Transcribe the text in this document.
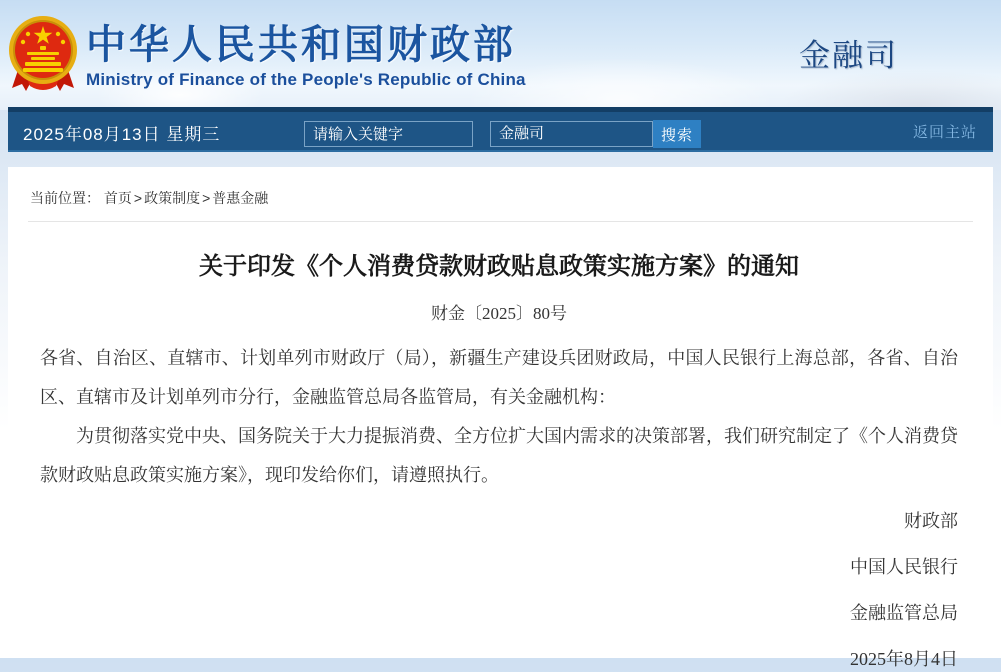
中华人民共和国财政部
Ministry of Finance of the People's Republic of China
金融司
2025年08月13日 星期三
请输入关键字	金融司	搜索	返回主站
当前位置： 首页 > 政策制度 > 普惠金融
关于印发《个人消费贷款财政贴息政策实施方案》的通知
财金〔2025〕80号

各省、自治区、直辖市、计划单列市财政厅（局），新疆生产建设兵团财政局，中国人民银行上海总部，各省、自治区、直辖市及计划单列市分行，金融监管总局各监管局，有关金融机构：

为贯彻落实党中央、国务院关于大力提振消费、全方位扩大国内需求的决策部署，我们研究制定了《个人消费贷款财政贴息政策实施方案》，现印发给你们，请遵照执行。

财政部

中国人民银行

金融监管总局

2025年8月4日
